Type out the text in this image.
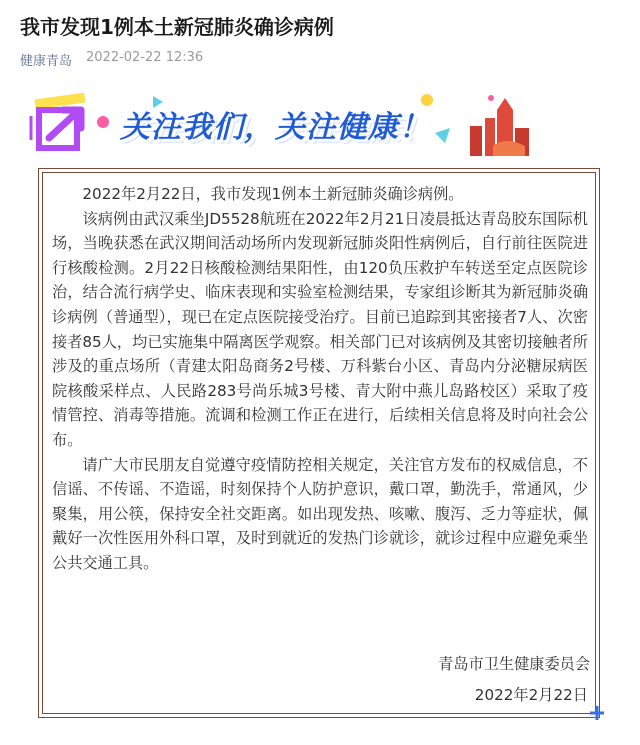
我市发现1例本土新冠肺炎确诊病例
健康青岛 2022-02-22 12:36
关注我们，关注健康！

2022年2月22日，我市发现1例本土新冠肺炎确诊病例。

该病例由武汉乘坐JD5528航班在2022年2月21日凌晨抵达青岛胶东国际机场，当晚获悉在武汉期间活动场所内发现新冠肺炎阳性病例后，自行前往医院进行核酸检测。2月22日核酸检测结果阳性，由120负压救护车转送至定点医院诊治，结合流行病学史、临床表现和实验室检测结果，专家组诊断其为新冠肺炎确诊病例（普通型），现已在定点医院接受治疗。目前已追踪到其密接者7人、次密接者85人，均已实施集中隔离医学观察。相关部门已对该病例及其密切接触者所涉及的重点场所（青建太阳岛商务2号楼、万科紫台小区、青岛内分泌糖尿病医院核酸采样点、人民路283号尚乐城3号楼、青大附中燕儿岛路校区）采取了疫情管控、消毒等措施。流调和检测工作正在进行，后续相关信息将及时向社会公布。

请广大市民朋友自觉遵守疫情防控相关规定，关注官方发布的权威信息，不信谣、不传谣、不造谣，时刻保持个人防护意识，戴口罩，勤洗手，常通风，少聚集，用公筷，保持安全社交距离。如出现发热、咳嗽、腹泻、乏力等症状，佩戴好一次性医用外科口罩，及时到就近的发热门诊就诊，就诊过程中应避免乘坐公共交通工具。

青岛市卫生健康委员会
2022年2月22日
